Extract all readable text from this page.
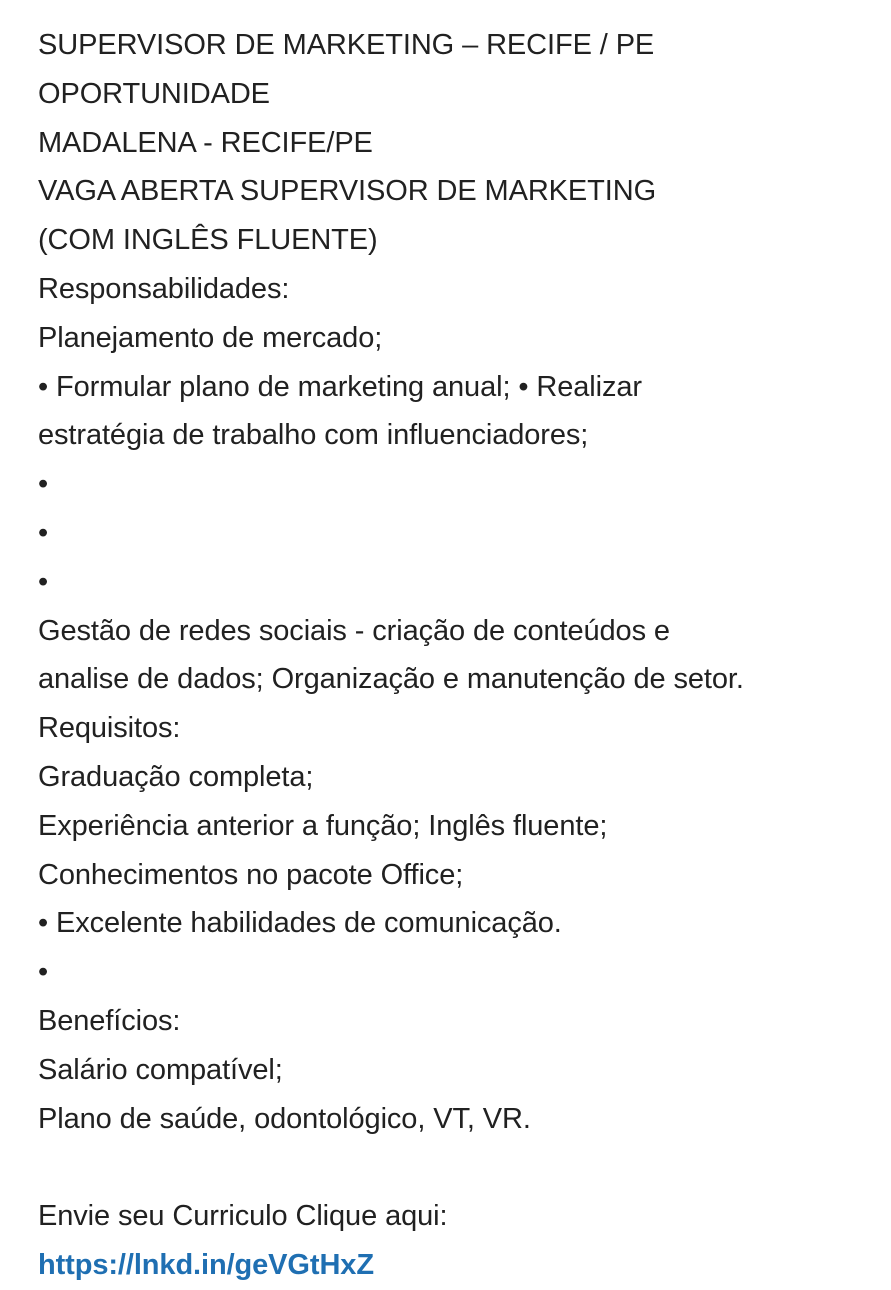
SUPERVISOR DE MARKETING – RECIFE / PE
OPORTUNIDADE
MADALENA - RECIFE/PE
VAGA ABERTA SUPERVISOR DE MARKETING
(COM INGLÊS FLUENTE)
Responsabilidades:
Planejamento de mercado;
• Formular plano de marketing anual; • Realizar
estratégia de trabalho com influenciadores;
•
•
•
Gestão de redes sociais - criação de conteúdos e
analise de dados; Organização e manutenção de setor.
Requisitos:
Graduação completa;
Experiência anterior a função; Inglês fluente;
Conhecimentos no pacote Office;
• Excelente habilidades de comunicação.
•
Benefícios:
Salário compatível;
Plano de saúde, odontológico, VT, VR.
Envie seu Curriculo Clique aqui:
https://lnkd.in/geVGtHxZ
